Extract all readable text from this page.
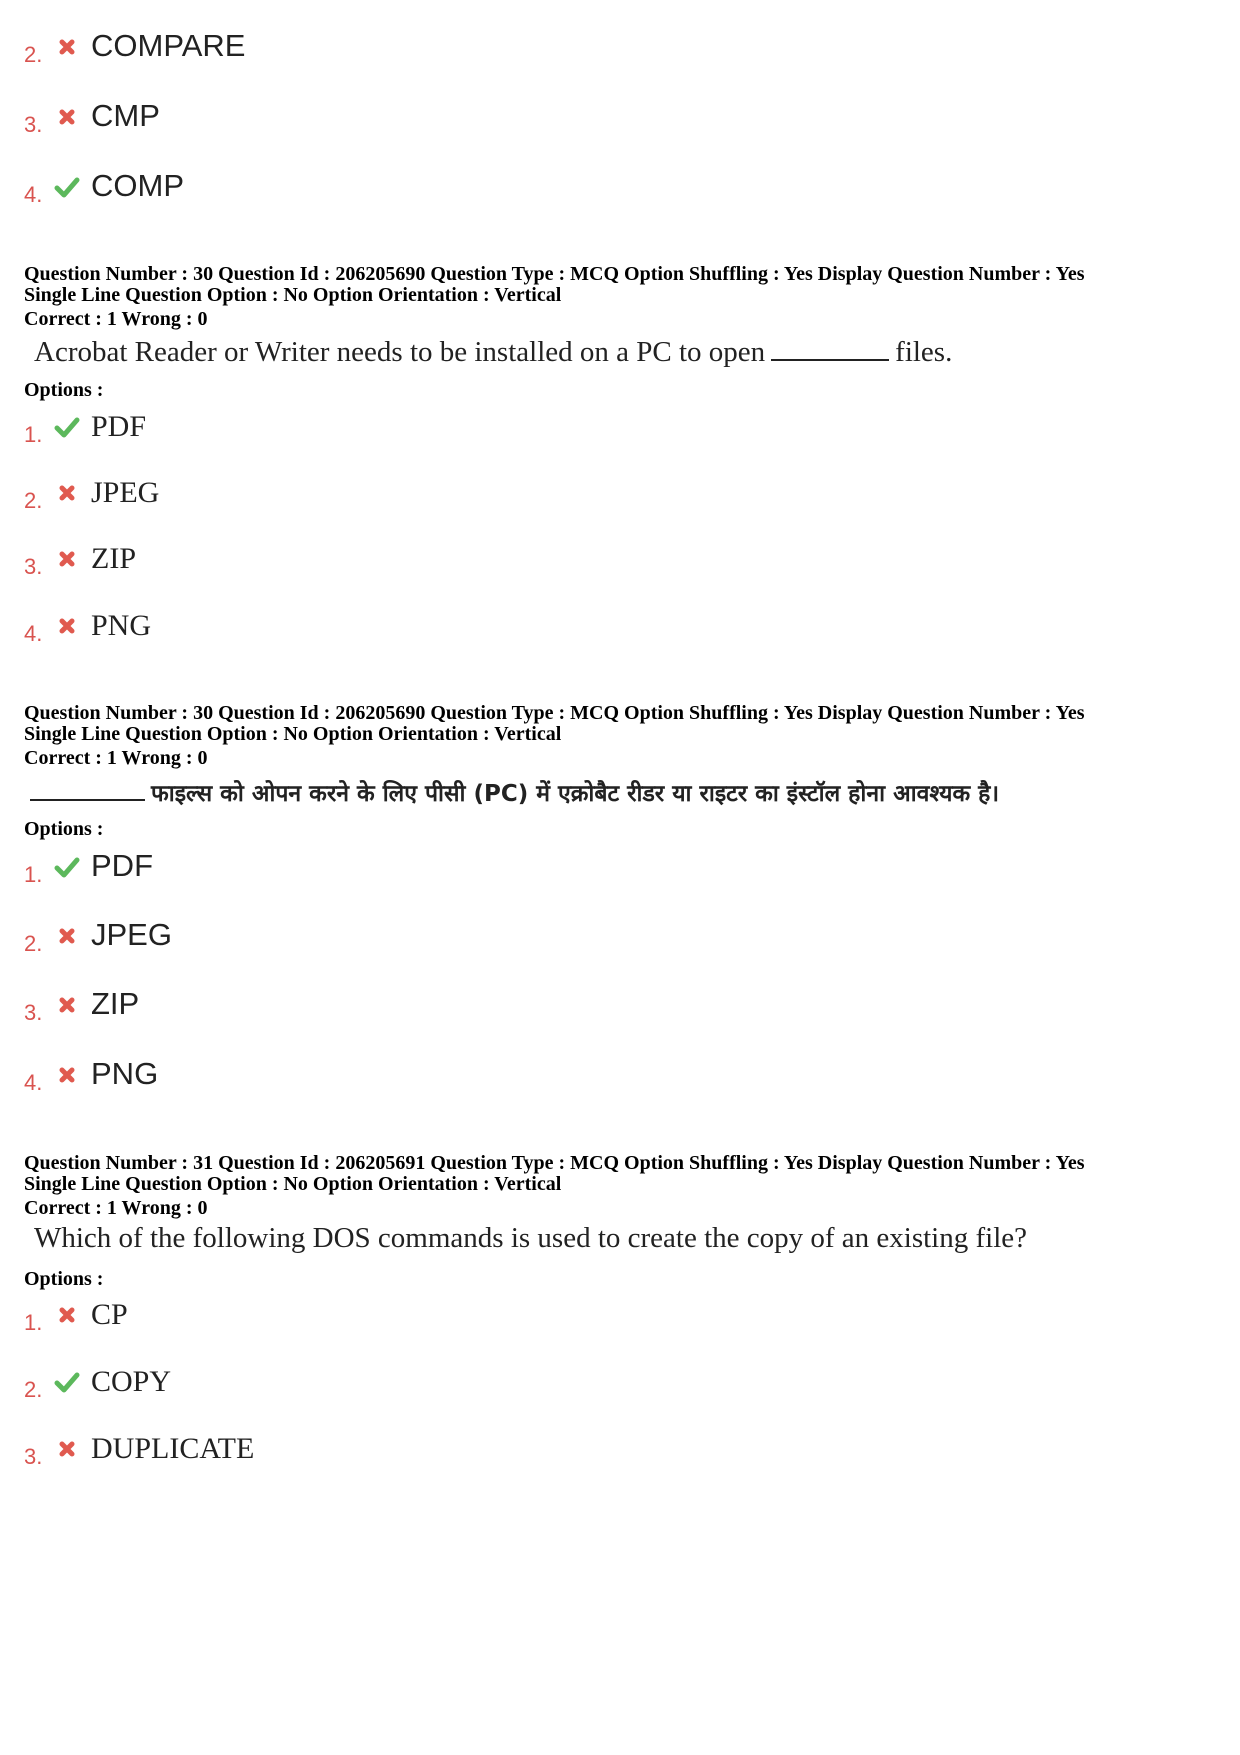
2. COMPARE
3. CMP
4. COMP
Question Number : 30 Question Id : 206205690 Question Type : MCQ Option Shuffling : Yes Display Question Number : Yes
Single Line Question Option : No Option Orientation : Vertical
Correct : 1 Wrong : 0
Acrobat Reader or Writer needs to be installed on a PC to open	files.
Options :
1. PDF
2. JPEG
3. ZIP
4. PNG
Question Number : 30 Question Id : 206205690 Question Type : MCQ Option Shuffling : Yes Display Question Number : Yes
Single Line Question Option : No Option Orientation : Vertical
Correct : 1 Wrong : 0
फाइल्स को ओपन करने के लिए पीसी (PC) में एक्रोबैट रीडर या राइटर का इंस्टॉल होना आवश्यक है।
Options :
1. PDF
2. JPEG
3. ZIP
4. PNG
Question Number : 31 Question Id : 206205691 Question Type : MCQ Option Shuffling : Yes Display Question Number : Yes
Single Line Question Option : No Option Orientation : Vertical
Correct : 1 Wrong : 0
Which of the following DOS commands is used to create the copy of an existing file?
Options :
1. CP
2. COPY
3. DUPLICATE
